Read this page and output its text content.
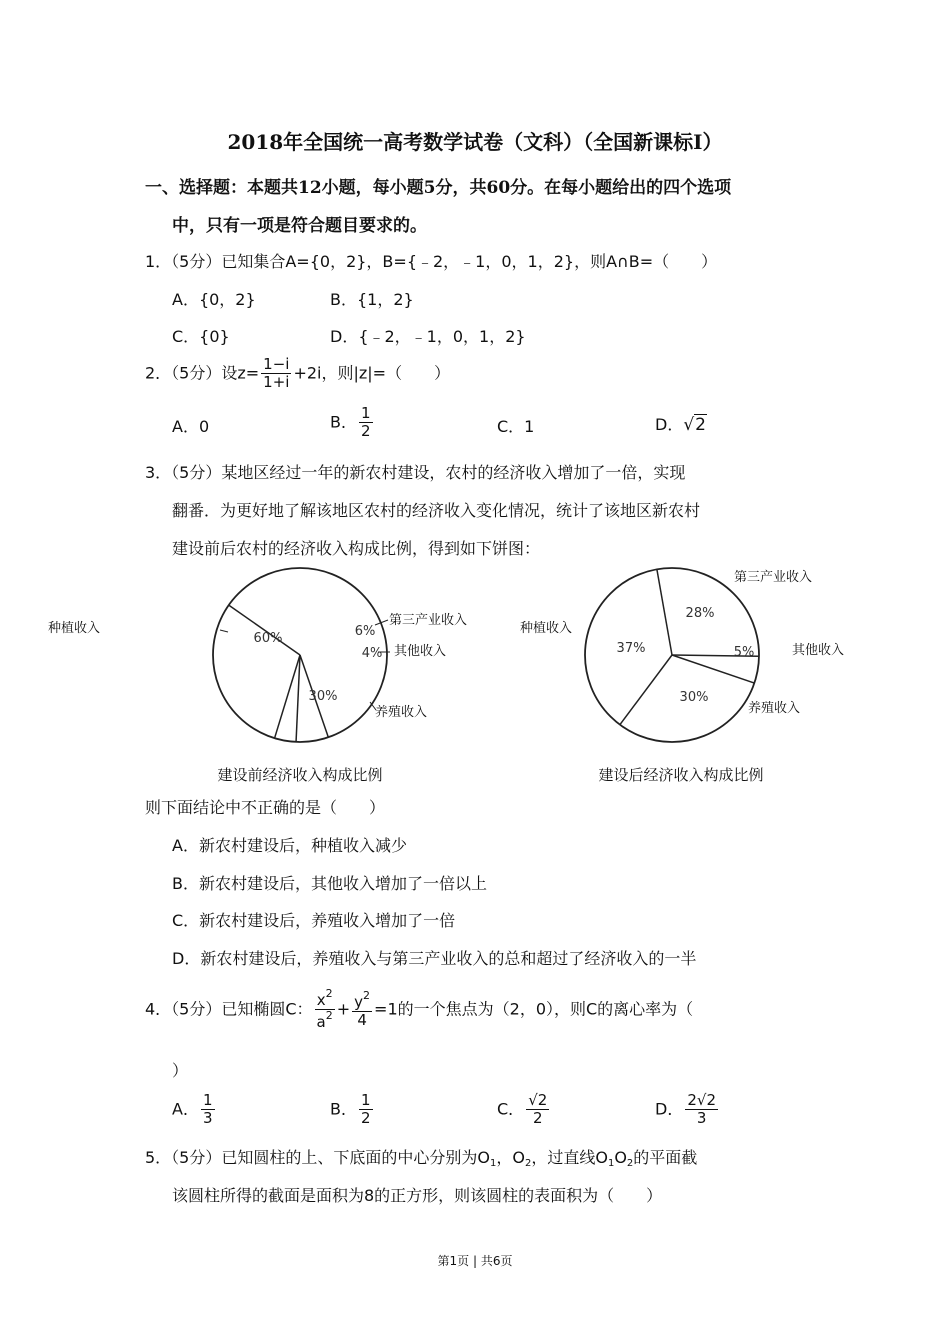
2018年全国统一高考数学试卷（文科）（全国新课标Ⅰ）
一、选择题：本题共12小题，每小题5分，共60分。在每小题给出的四个选项
中，只有一项是符合题目要求的。
1．（5分）已知集合A={0，2}，B={﹣2，﹣1，0，1，2}，则A∩B=（　　）
A．{0，2}	B．{1，2}
C．{0}	D．{﹣2，﹣1，0，1，2}
2．（5分）设$z= \frac{1-i}{1+i} +2i$，则|z|=（　　）
A．0	B． $\frac{1}{2}$	C．1	D．√2
3．（5分）某地区经过一年的新农村建设，农村的经济收入增加了一倍，实现
翻番．为更好地了解该地区农村的经济收入变化情况，统计了该地区新农村
建设前后农村的经济收入构成比例，得到如下饼图：
种植收入
60%
第三产业收入
6%
其他收入
4%
养殖收入
30%
建设前经济收入构成比例
第三产业收入
28%
其他收入
5%
养殖收入
30%
种植收入
37%
建设后经济收入构成比例
则下面结论中不正确的是（　　）
A．新农村建设后，种植收入减少
B．新农村建设后，其他收入增加了一倍以上
C．新农村建设后，养殖收入增加了一倍
D．新农村建设后，养殖收入与第三产业收入的总和超过了经济收入的一半
4．（5分）已知椭圆C： $\frac{x^2}{a^2} + \frac{y^2}{4} =1$的一个焦点为（2，0），则C的离心率为（
）
A． $\frac{1}{3}$	B． $\frac{1}{2}$	C． $\frac{√2}{2}$	D． $\frac{2√2}{3}$
5．（5分）已知圆柱的上、下底面的中心分别为$O_1$，$O_2$，过直线$O_1O_2$的平面截
该圆柱所得的截面是面积为8的正方形，则该圆柱的表面积为（　　）
第1页 | 共6页
